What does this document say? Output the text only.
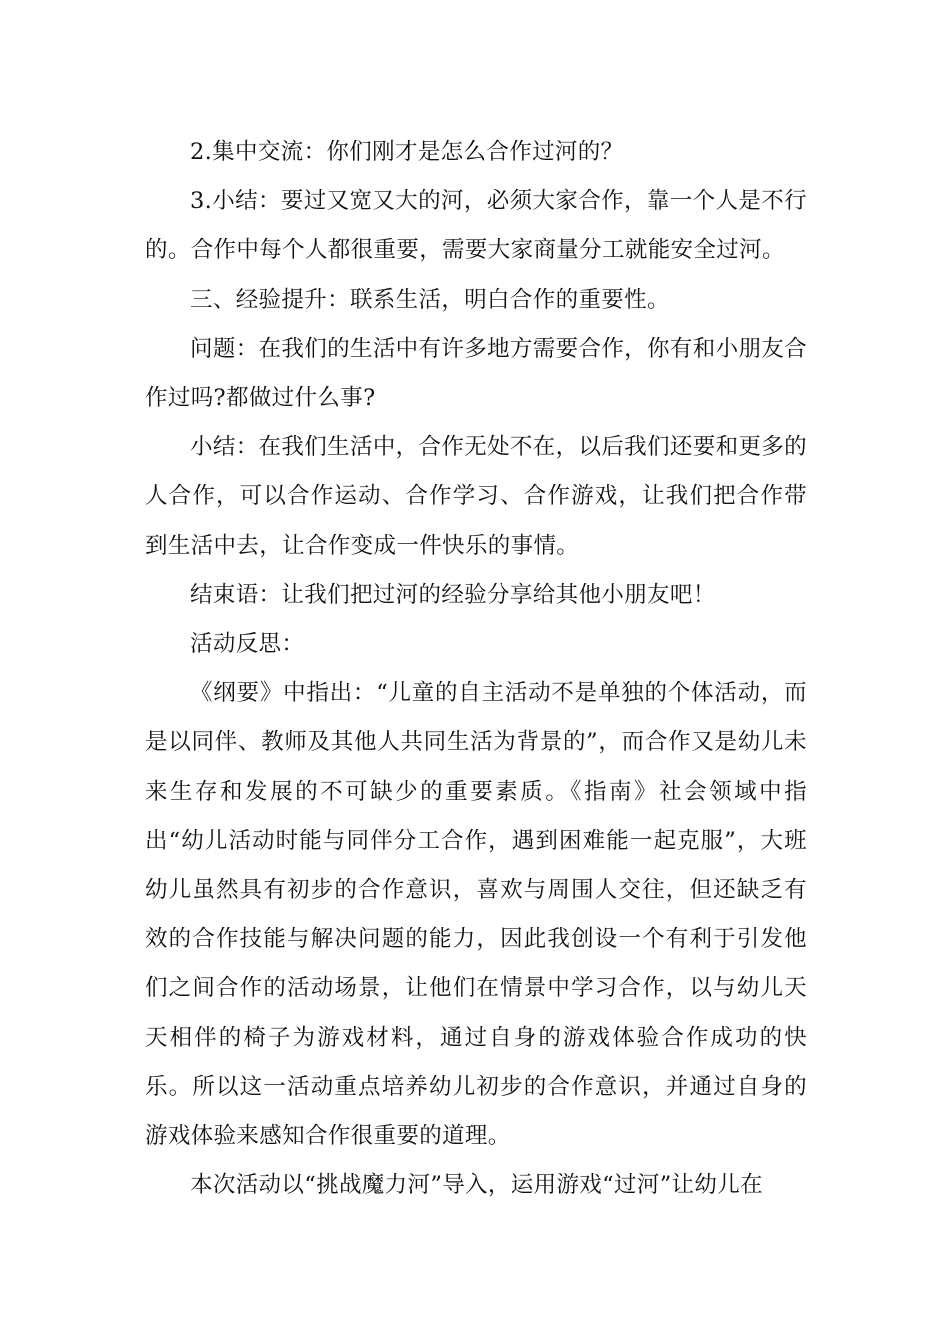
2.集中交流：你们刚才是怎么合作过河的？

3.小结：要过又宽又大的河，必须大家合作，靠一个人是不行的。合作中每个人都很重要，需要大家商量分工就能安全过河。

三、经验提升：联系生活，明白合作的重要性。

问题：在我们的生活中有许多地方需要合作，你有和小朋友合作过吗?都做过什么事?

小结：在我们生活中，合作无处不在，以后我们还要和更多的人合作，可以合作运动、合作学习、合作游戏，让我们把合作带到生活中去，让合作变成一件快乐的事情。

结束语：让我们把过河的经验分享给其他小朋友吧！

活动反思：

《纲要》中指出：“儿童的自主活动不是单独的个体活动，而是以同伴、教师及其他人共同生活为背景的”，而合作又是幼儿未来生存和发展的不可缺少的重要素质。《指南》社会领域中指出“幼儿活动时能与同伴分工合作，遇到困难能一起克服”，大班幼儿虽然具有初步的合作意识，喜欢与周围人交往，但还缺乏有效的合作技能与解决问题的能力，因此我创设一个有利于引发他们之间合作的活动场景，让他们在情景中学习合作，以与幼儿天天相伴的椅子为游戏材料，通过自身的游戏体验合作成功的快乐。所以这一活动重点培养幼儿初步的合作意识，并通过自身的游戏体验来感知合作很重要的道理。

本次活动以“挑战魔力河”导入，运用游戏“过河”让幼儿在
